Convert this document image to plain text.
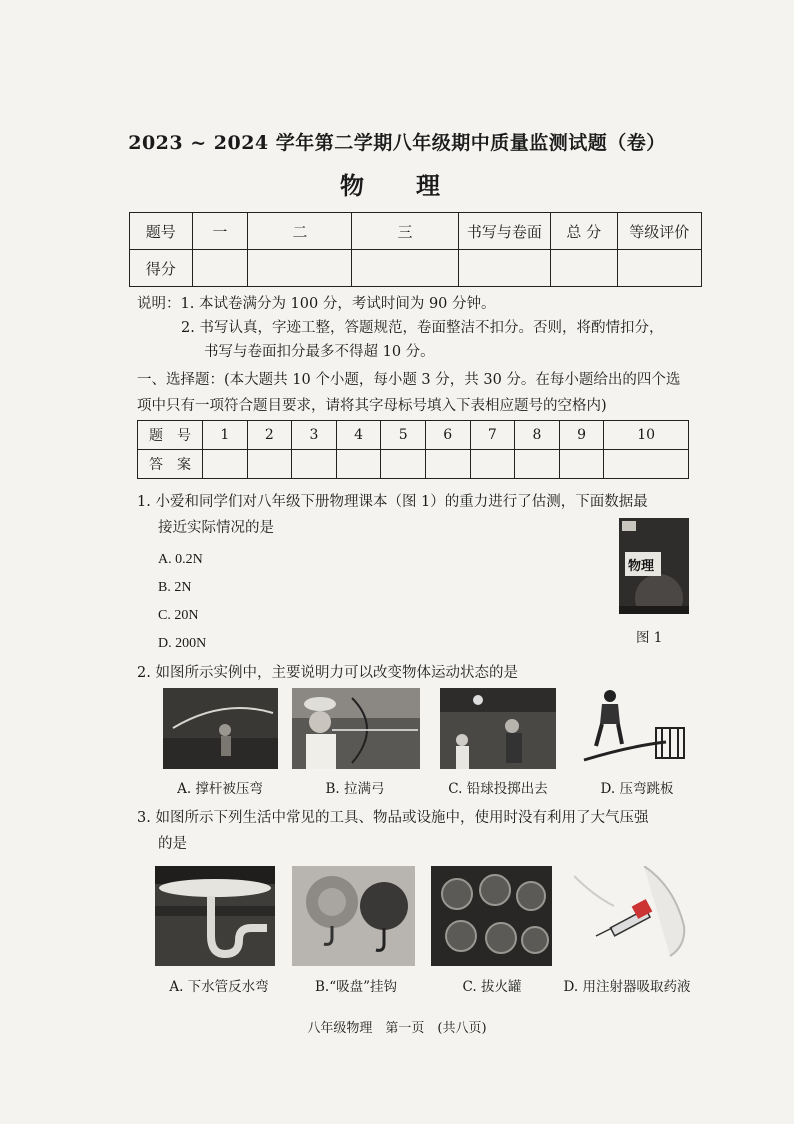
2023 ~ 2024 学年第二学期八年级期中质量监测试题（卷）
物　理
题号	一	二	三	书写与卷面	总 分	等级评价
得分						
说明：1. 本试卷满分为 100 分，考试时间为 90 分钟。
2. 书写认真，字迹工整，答题规范，卷面整洁不扣分。否则，将酌情扣分，
书写与卷面扣分最多不得超 10 分。
一、选择题：(本大题共 10 个小题，每小题 3 分，共 30 分。在每小题给出的四个选
项中只有一项符合题目要求，请将其字母标号填入下表相应题号的空格内)
题　号	1	2	3	4	5	6	7	8	9	10
答　案										
1. 小爱和同学们对八年级下册物理课本（图 1）的重力进行了估测，下面数据最
接近实际情况的是
A. 0.2N
B. 2N
C. 20N
D. 200N
物理
图 1
2. 如图所示实例中，主要说明力可以改变物体运动状态的是
A. 撑杆被压弯	B. 拉满弓	C. 铅球投掷出去	D. 压弯跳板
3. 如图所示下列生活中常见的工具、物品或设施中，使用时没有利用了大气压强
的是
A. 下水管反水弯	B.“吸盘”挂钩	C. 拔火罐	D. 用注射器吸取药液
八年级物理　第一页　(共八页)
